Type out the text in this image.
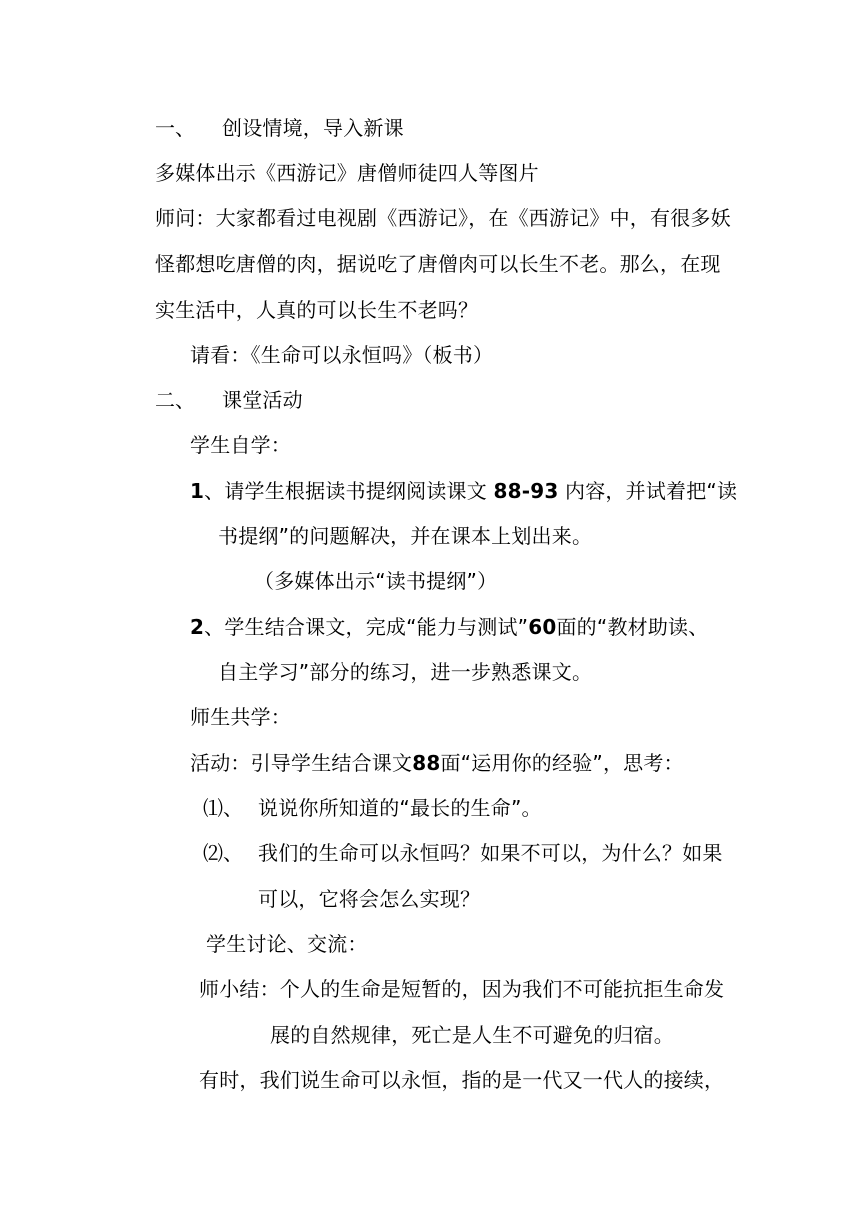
一、 创设情境，导入新课
多媒体出示《西游记》唐僧师徒四人等图片
师问：大家都看过电视剧《西游记》，在《西游记》中，有很多妖
怪都想吃唐僧的肉，据说吃了唐僧肉可以长生不老。那么，在现
实生活中，人真的可以长生不老吗？
请看：《生命可以永恒吗》（板书）
二、 课堂活动
学生自学：
1、请学生根据读书提纲阅读课文 88-93 内容，并试着把“读
书提纲”的问题解决，并在课本上划出来。
（多媒体出示“读书提纲”）
2、学生结合课文，完成“能力与测试”60面的“教材助读、
自主学习”部分的练习，进一步熟悉课文。
师生共学：
活动：引导学生结合课文88面“运用你的经验”，思考：
⑴、 说说你所知道的“最长的生命”。
⑵、 我们的生命可以永恒吗？如果不可以，为什么？如果
可以，它将会怎么实现？
学生讨论、交流：
师小结：个人的生命是短暂的，因为我们不可能抗拒生命发
展的自然规律，死亡是人生不可避免的归宿。
有时，我们说生命可以永恒，指的是一代又一代人的接续，
